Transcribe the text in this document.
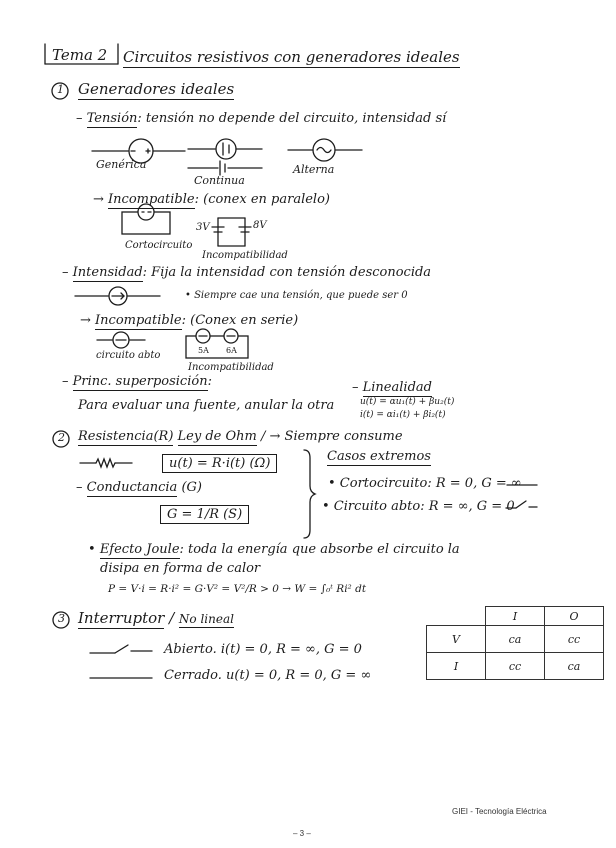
Tema 2 Circuitos resistivos con generadores ideales
1 Generadores ideales
– Tensión: tensión no depende del circuito, intensidad sí
Genérica
Continua
Alterna
→ Incompatible: (conex en paralelo)
Cortocircuito
3V	8V
Incompatibilidad
– Intensidad: Fija la intensidad con tensión desconocida
• Siempre cae una tensión, que puede ser 0
→ Incompatible: (Conex en serie)
circuito abto	5A 6A
Incompatibilidad
– Princ. superposición:
Para evaluar una fuente, anular la otra
– Linealidad
u(t) = αu₁(t) + βu₂(t)
i(t) = αi₁(t) + βi₂(t)
2 Resistencia(R) Ley de Ohm / → Siempre consume
u(t) = R·i(t) (Ω)
– Conductancia (G)
G = 1/R (S)
Casos extremos
• Cortocircuito: R = 0, G = ∞
• Circuito abto: R = ∞, G = 0
• Efecto Joule: toda la energía que absorbe el circuito la
disipa en forma de calor
P = V·i = R·i² = G·V² = V²/R > 0 → W = ∫₀ᵗ Ri² dt
3 Interruptor / No lineal
Abierto. i(t) = 0, R = ∞, G = 0
Cerrado. u(t) = 0, R = 0, G = ∞
	I	O
V	ca	cc
I	cc	ca
GIEI - Tecnología Eléctrica
– 3 –
